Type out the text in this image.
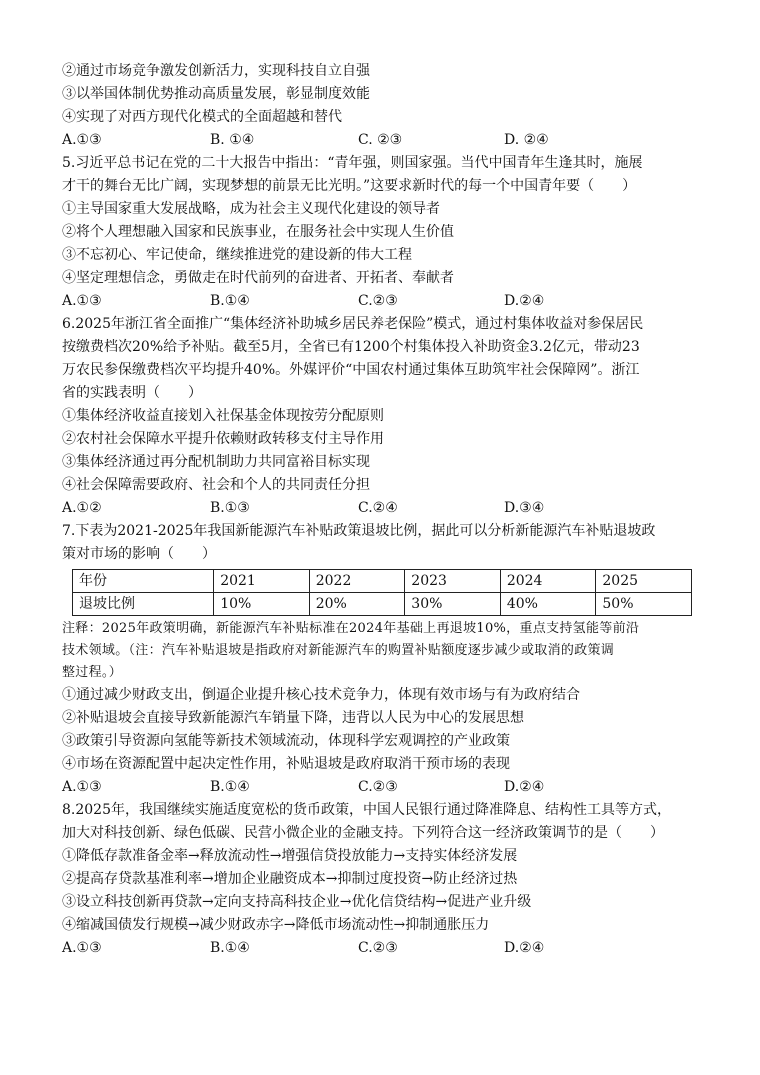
②通过市场竞争激发创新活力，实现科技自立自强
③以举国体制优势推动高质量发展，彰显制度效能
④实现了对西方现代化模式的全面超越和替代
A.①③	B. ①④	C. ②③	D. ②④
5.习近平总书记在党的二十大报告中指出：“青年强，则国家强。当代中国青年生逢其时，施展
才干的舞台无比广阔，实现梦想的前景无比光明。”这要求新时代的每一个中国青年要（　　）
①主导国家重大发展战略，成为社会主义现代化建设的领导者
②将个人理想融入国家和民族事业，在服务社会中实现人生价值
③不忘初心、牢记使命，继续推进党的建设新的伟大工程
④坚定理想信念，勇做走在时代前列的奋进者、开拓者、奉献者
A.①③	B.①④	C.②③	D.②④
6.2025年浙江省全面推广“集体经济补助城乡居民养老保险”模式，通过村集体收益对参保居民
按缴费档次20%给予补贴。截至5月，全省已有1200个村集体投入补助资金3.2亿元，带动23
万农民参保缴费档次平均提升40%。外媒评价“中国农村通过集体互助筑牢社会保障网”。浙江
省的实践表明（　　）
①集体经济收益直接划入社保基金体现按劳分配原则
②农村社会保障水平提升依赖财政转移支付主导作用
③集体经济通过再分配机制助力共同富裕目标实现
④社会保障需要政府、社会和个人的共同责任分担
A.①②	B.①③	C.②④	D.③④
7.下表为2021-2025年我国新能源汽车补贴政策退坡比例，据此可以分析新能源汽车补贴退坡政
策对市场的影响（　　）
年份	2021	2022	2023	2024	2025
退坡比例	10%	20%	30%	40%	50%
注释：2025年政策明确，新能源汽车补贴标准在2024年基础上再退坡10%，重点支持氢能等前沿
技术领域。（注：汽车补贴退坡是指政府对新能源汽车的购置补贴额度逐步减少或取消的政策调
整过程。）
①通过减少财政支出，倒逼企业提升核心技术竞争力，体现有效市场与有为政府结合
②补贴退坡会直接导致新能源汽车销量下降，违背以人民为中心的发展思想
③政策引导资源向氢能等新技术领域流动，体现科学宏观调控的产业政策
④市场在资源配置中起决定性作用，补贴退坡是政府取消干预市场的表现
A.①③	B.①④	C.②③	D.②④
8.2025年，我国继续实施适度宽松的货币政策，中国人民银行通过降准降息、结构性工具等方式，
加大对科技创新、绿色低碳、民营小微企业的金融支持。下列符合这一经济政策调节的是（　　）
①降低存款准备金率→释放流动性→增强信贷投放能力→支持实体经济发展
②提高存贷款基准利率→增加企业融资成本→抑制过度投资→防止经济过热
③设立科技创新再贷款→定向支持高科技企业→优化信贷结构→促进产业升级
④缩减国债发行规模→减少财政赤字→降低市场流动性→抑制通胀压力
A.①③	B.①④	C.②③	D.②④
